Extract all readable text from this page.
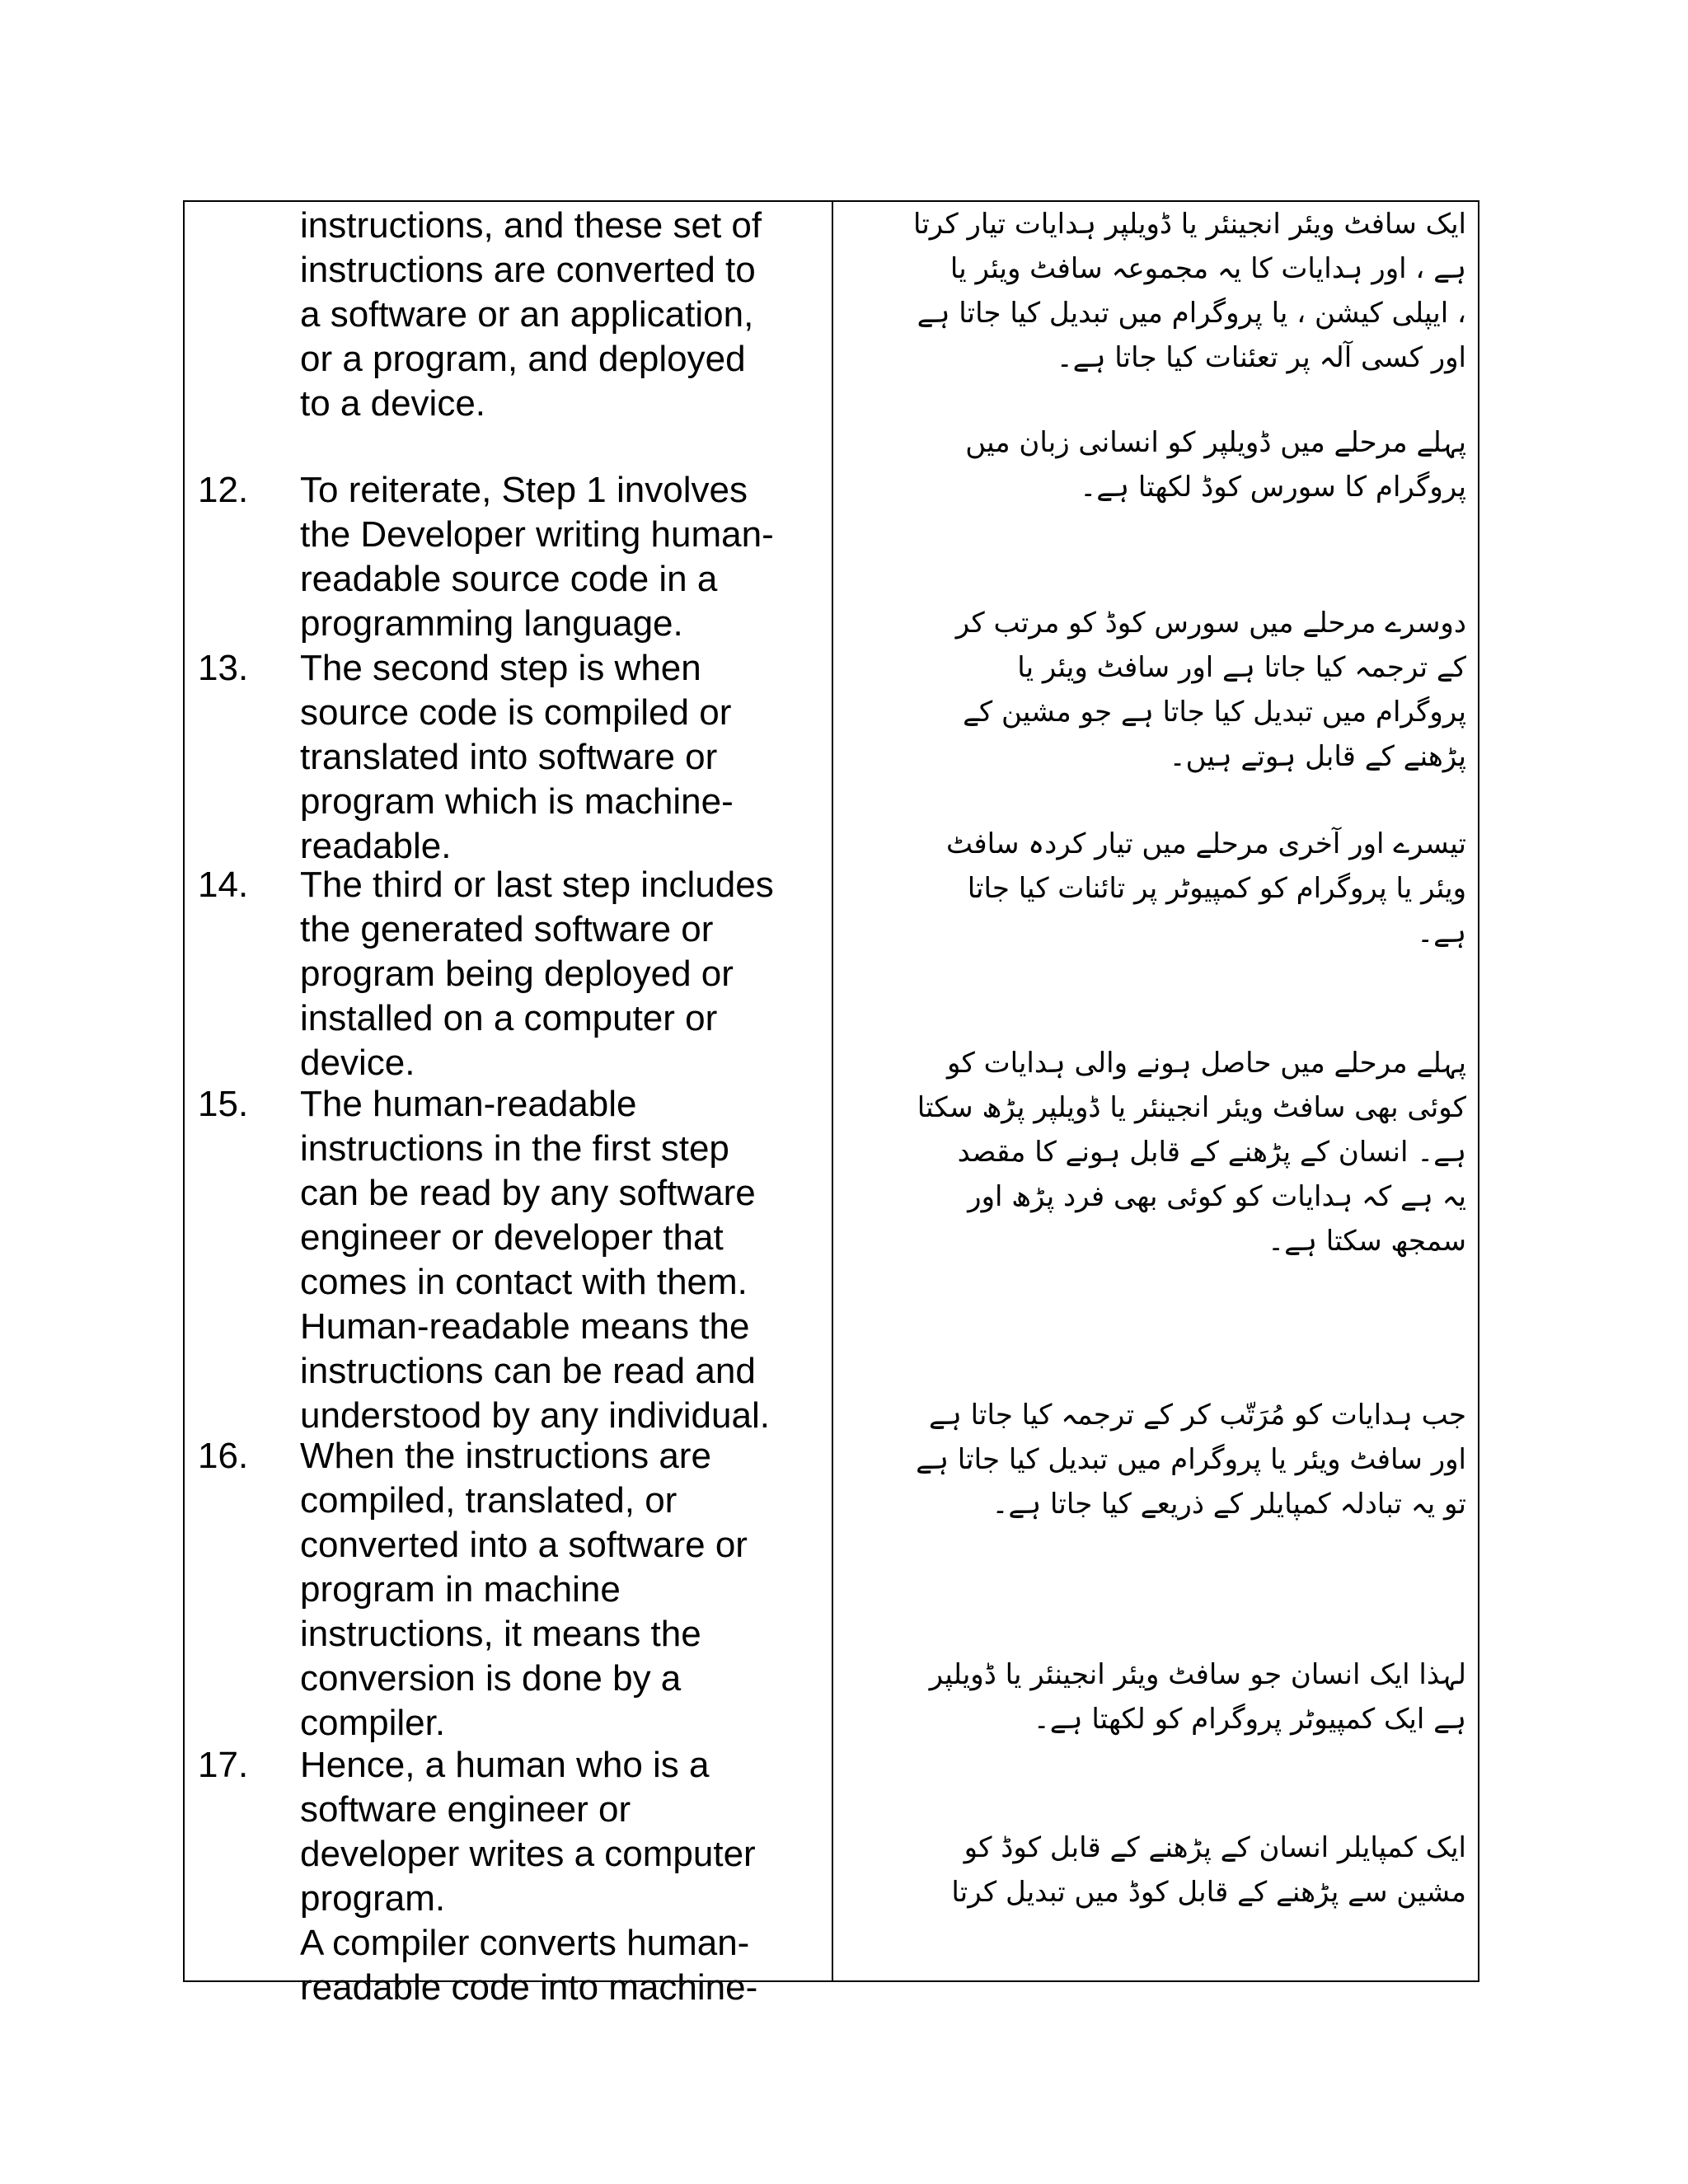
instructions, and these set of
instructions are converted to
a software or an application,
or a program, and deployed
to a device.
12. To reiterate, Step 1 involves
the Developer writing human-
readable source code in a
programming language.
13. The second step is when
source code is compiled or
translated into software or
program which is machine-
readable.
14. The third or last step includes
the generated software or
program being deployed or
installed on a computer or
device.
15. The human-readable
instructions in the first step
can be read by any software
engineer or developer that
comes in contact with them.
Human-readable means the
instructions can be read and
understood by any individual.
16. When the instructions are
compiled, translated, or
converted into a software or
program in machine
instructions, it means the
conversion is done by a
compiler.
17. Hence, a human who is a
software engineer or
developer writes a computer
program.
A compiler converts human-
readable code into machine-
ایک سافٹ ویئر انجینئر یا ڈویلپر ہدایات تیار کرتا
ہے ، اور ہدایات کا یہ مجموعہ سافٹ ویئر یا
، ایپلی کیشن ، یا پروگرام میں تبدیل کیا جاتا ہے
اور کسی آلہ پر تعئنات کیا جاتا ہے۔
پہلے مرحلے میں ڈویلپر کو انسانی زبان میں
پروگرام کا سورس کوڈ لکھتا ہے۔
دوسرے مرحلے میں سورس کوڈ کو مرتب کر
کے ترجمہ کیا جاتا ہے اور سافٹ ویئر یا
پروگرام میں تبدیل کیا جاتا ہے جو مشین کے
پڑھنے کے قابل ہوتے ہیں۔
تیسرے اور آخری مرحلے میں تیار کردہ سافٹ
ویئر یا پروگرام کو کمپیوٹر پر تائنات کیا جاتا
ہے۔
پہلے مرحلے میں حاصل ہونے والی ہدایات کو
کوئی بھی سافٹ ویئر انجینئر یا ڈویلپر پڑھ سکتا
ہے۔ انسان کے پڑھنے کے قابل ہونے کا مقصد
یہ ہے کہ ہدایات کو کوئی بھی فرد پڑھ اور
سمجھ سکتا ہے۔
جب ہدایات کو مُرَتّب کر کے ترجمہ کیا جاتا ہے
اور سافٹ ویئر یا پروگرام میں تبدیل کیا جاتا ہے
تو یہ تبادلہ کمپایلر کے ذریعے کیا جاتا ہے۔
لہذا ایک انسان جو سافٹ ویئر انجینئر یا ڈویلپر
ہے ایک کمپیوٹر پروگرام کو لکھتا ہے۔
ایک کمپایلر انسان کے پڑھنے کے قابل کوڈ کو
مشین سے پڑھنے کے قابل کوڈ میں تبدیل کرتا
